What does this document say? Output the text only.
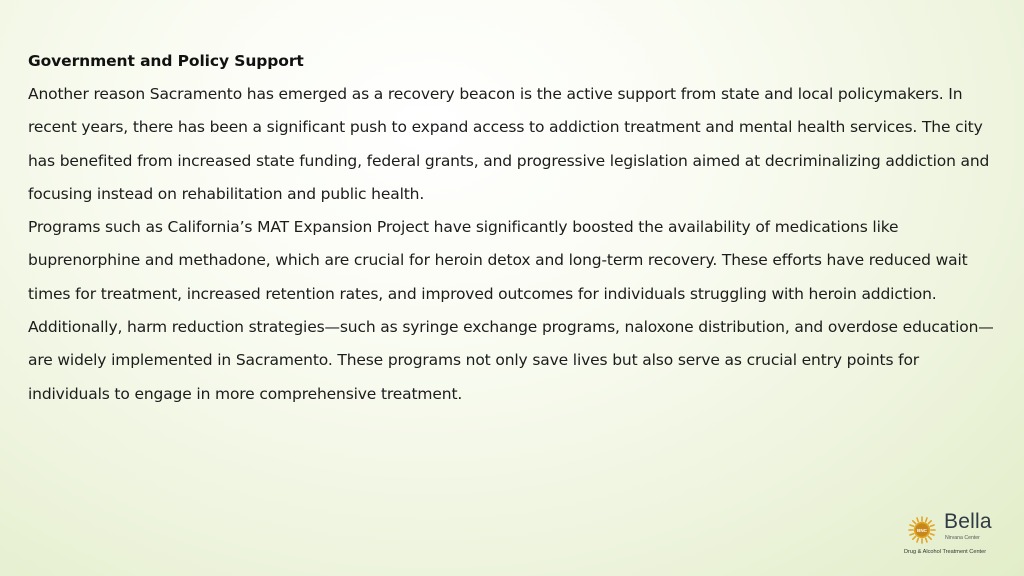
Government and Policy Support

Another reason Sacramento has emerged as a recovery beacon is the active support from state and local policymakers. In recent years, there has been a significant push to expand access to addiction treatment and mental health services. The city has benefited from increased state funding, federal grants, and progressive legislation aimed at decriminalizing addiction and focusing instead on rehabilitation and public health.

Programs such as California’s MAT Expansion Project have significantly boosted the availability of medications like buprenorphine and methadone, which are crucial for heroin detox and long-term recovery. These efforts have reduced wait times for treatment, increased retention rates, and improved outcomes for individuals struggling with heroin addiction.

Additionally, harm reduction strategies—such as syringe exchange programs, naloxone distribution, and overdose education—are widely implemented in Sacramento. These programs not only save lives but also serve as crucial entry points for individuals to engage in more comprehensive treatment.

BNC Bella
Nirvana Center
Drug & Alcohol Treatment Center
